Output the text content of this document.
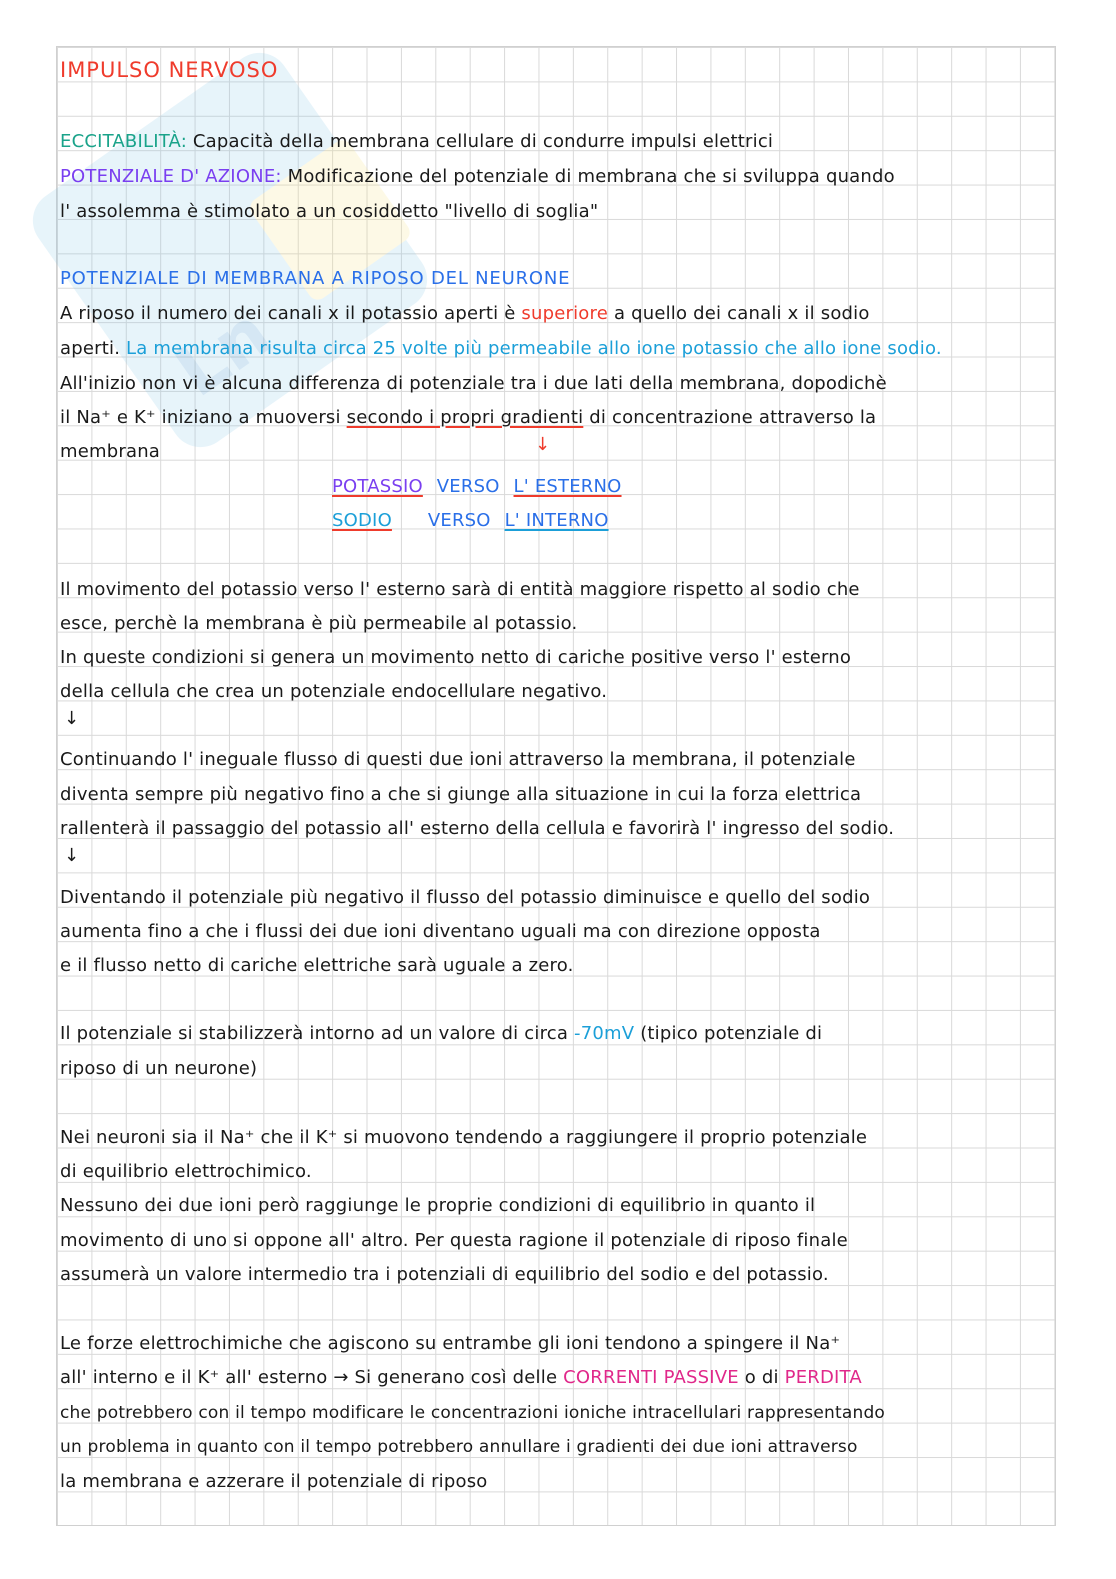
IMPULSO NERVOSO
ECCITABILITÀ: Capacità della membrana cellulare di condurre impulsi elettrici
POTENZIALE D' AZIONE: Modificazione del potenziale di membrana che si sviluppa quando
l' assolemma è stimolato a un cosiddetto "livello di soglia"
POTENZIALE DI MEMBRANA A RIPOSO DEL NEURONE
A riposo il numero dei canali x il potassio aperti è superiore a quello dei canali x il sodio
aperti. La membrana risulta circa 25 volte più permeabile allo ione potassio che allo ione sodio.
All'inizio non vi è alcuna differenza di potenziale tra i due lati della membrana, dopodichè
il Na⁺ e K⁺ iniziano a muoversi secondo i propri gradienti di concentrazione attraverso la
membrana	↓
POTASSIO VERSO L' ESTERNO
SODIO VERSO L' INTERNO
Il movimento del potassio verso l' esterno sarà di entità maggiore rispetto al sodio che
esce, perchè la membrana è più permeabile al potassio.
In queste condizioni si genera un movimento netto di cariche positive verso l' esterno
della cellula che crea un potenziale endocellulare negativo.
↓
Continuando l' ineguale flusso di questi due ioni attraverso la membrana, il potenziale
diventa sempre più negativo fino a che si giunge alla situazione in cui la forza elettrica
rallenterà il passaggio del potassio all' esterno della cellula e favorirà l' ingresso del sodio.
↓
Diventando il potenziale più negativo il flusso del potassio diminuisce e quello del sodio
aumenta fino a che i flussi dei due ioni diventano uguali ma con direzione opposta
e il flusso netto di cariche elettriche sarà uguale a zero.
Il potenziale si stabilizzerà intorno ad un valore di circa -70mV (tipico potenziale di
riposo di un neurone)
Nei neuroni sia il Na⁺ che il K⁺ si muovono tendendo a raggiungere il proprio potenziale
di equilibrio elettrochimico.
Nessuno dei due ioni però raggiunge le proprie condizioni di equilibrio in quanto il
movimento di uno si oppone all' altro. Per questa ragione il potenziale di riposo finale
assumerà un valore intermedio tra i potenziali di equilibrio del sodio e del potassio.
Le forze elettrochimiche che agiscono su entrambe gli ioni tendono a spingere il Na⁺
all' interno e il K⁺ all' esterno → Si generano così delle CORRENTI PASSIVE o di PERDITA
che potrebbero con il tempo modificare le concentrazioni ioniche intracellulari rappresentando
un problema in quanto con il tempo potrebbero annullare i gradienti dei due ioni attraverso
la membrana e azzerare il potenziale di riposo
